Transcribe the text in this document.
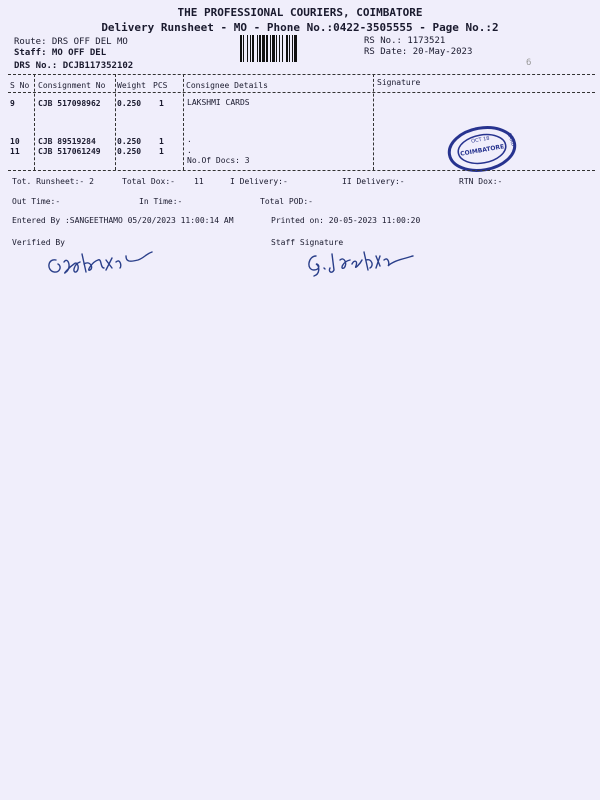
THE PROFESSIONAL COURIERS, COIMBATORE
Delivery Runsheet - MO - Phone No.:0422-3505555 - Page No.:2
Route: DRS OFF DEL MO
Staff: MO OFF DEL
DRS No.: DCJB117352102
RS No.: 1173521
RS Date: 20-May-2023
6
S No Consignment No Weight PCS Consignee Details	Signature
9	CJB 517098962 0.250 1	LAKSHMI CARDS
10 CJB 89519284	0.250 1	.
11 CJB 517061249 0.250 1	.
No.Of Docs: 3
OCT 18
COIMBATORE
CARD
Tot. Runsheet:- 2	Total Dox:- 11	I Delivery:-	II Delivery:-	RTN Dox:-
Out Time:-	In Time:-	Total POD:-
Entered By :SANGEETHAMO 05/20/2023 11:00:14 AM	Printed on: 20-05-2023 11:00:20
Verified By	Staff Signature
